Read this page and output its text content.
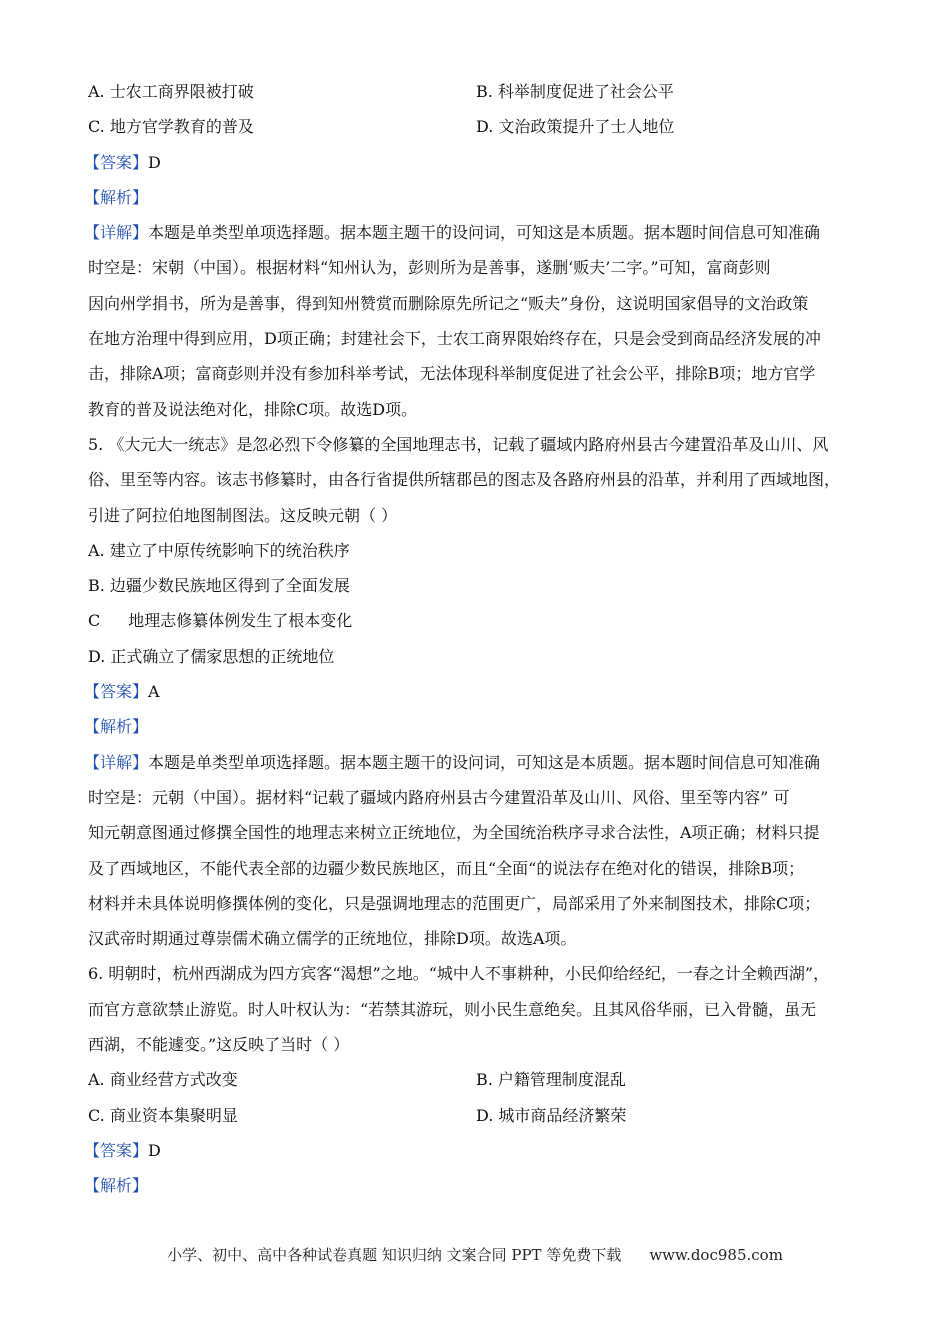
A. 士农工商界限被打破	B. 科举制度促进了社会公平
C. 地方官学教育的普及	D. 文治政策提升了士人地位
【答案】D
【解析】
【详解】本题是单类型单项选择题。据本题主题干的设问词，可知这是本质题。据本题时间信息可知准确
时空是：宋朝（中国）。根据材料“知州认为，彭则所为是善事，遂删‘贩夫’二字。”可知，富商彭则
因向州学捐书，所为是善事，得到知州赞赏而删除原先所记之“贩夫”身份，这说明国家倡导的文治政策
在地方治理中得到应用，D项正确；封建社会下，士农工商界限始终存在，只是会受到商品经济发展的冲
击，排除A项；富商彭则并没有参加科举考试，无法体现科举制度促进了社会公平，排除B项；地方官学
教育的普及说法绝对化，排除C项。故选D项。
5. 《大元大一统志》是忽必烈下令修纂的全国地理志书，记载了疆域内路府州县古今建置沿革及山川、风
俗、里至等内容。该志书修纂时，由各行省提供所辖郡邑的图志及各路府州县的沿革，并利用了西域地图，
引进了阿拉伯地图制图法。这反映元朝（ ）
A. 建立了中原传统影响下的统治秩序
B. 边疆少数民族地区得到了全面发展
C 地理志修纂体例发生了根本变化
D. 正式确立了儒家思想的正统地位
【答案】A
【解析】
【详解】本题是单类型单项选择题。据本题主题干的设问词，可知这是本质题。据本题时间信息可知准确
时空是：元朝（中国）。据材料“记载了疆域内路府州县古今建置沿革及山川、风俗、里至等内容” 可
知元朝意图通过修撰全国性的地理志来树立正统地位，为全国统治秩序寻求合法性，A项正确；材料只提
及了西域地区，不能代表全部的边疆少数民族地区，而且“全面“的说法存在绝对化的错误，排除B项；
材料并未具体说明修撰体例的变化，只是强调地理志的范围更广，局部采用了外来制图技术，排除C项；
汉武帝时期通过尊崇儒术确立儒学的正统地位，排除D项。故选A项。
6. 明朝时，杭州西湖成为四方宾客“渴想”之地。“城中人不事耕种，小民仰给经纪，一春之计全赖西湖”，
而官方意欲禁止游览。时人叶权认为：“若禁其游玩，则小民生意绝矣。且其风俗华丽，已入骨髓，虽无
西湖，不能遽变。”这反映了当时（ ）
A. 商业经营方式改变	B. 户籍管理制度混乱
C. 商业资本集聚明显	D. 城市商品经济繁荣
【答案】D
【解析】
小学、初中、高中各种试卷真题 知识归纳 文案合同 PPT 等免费下载 www.doc985.com
